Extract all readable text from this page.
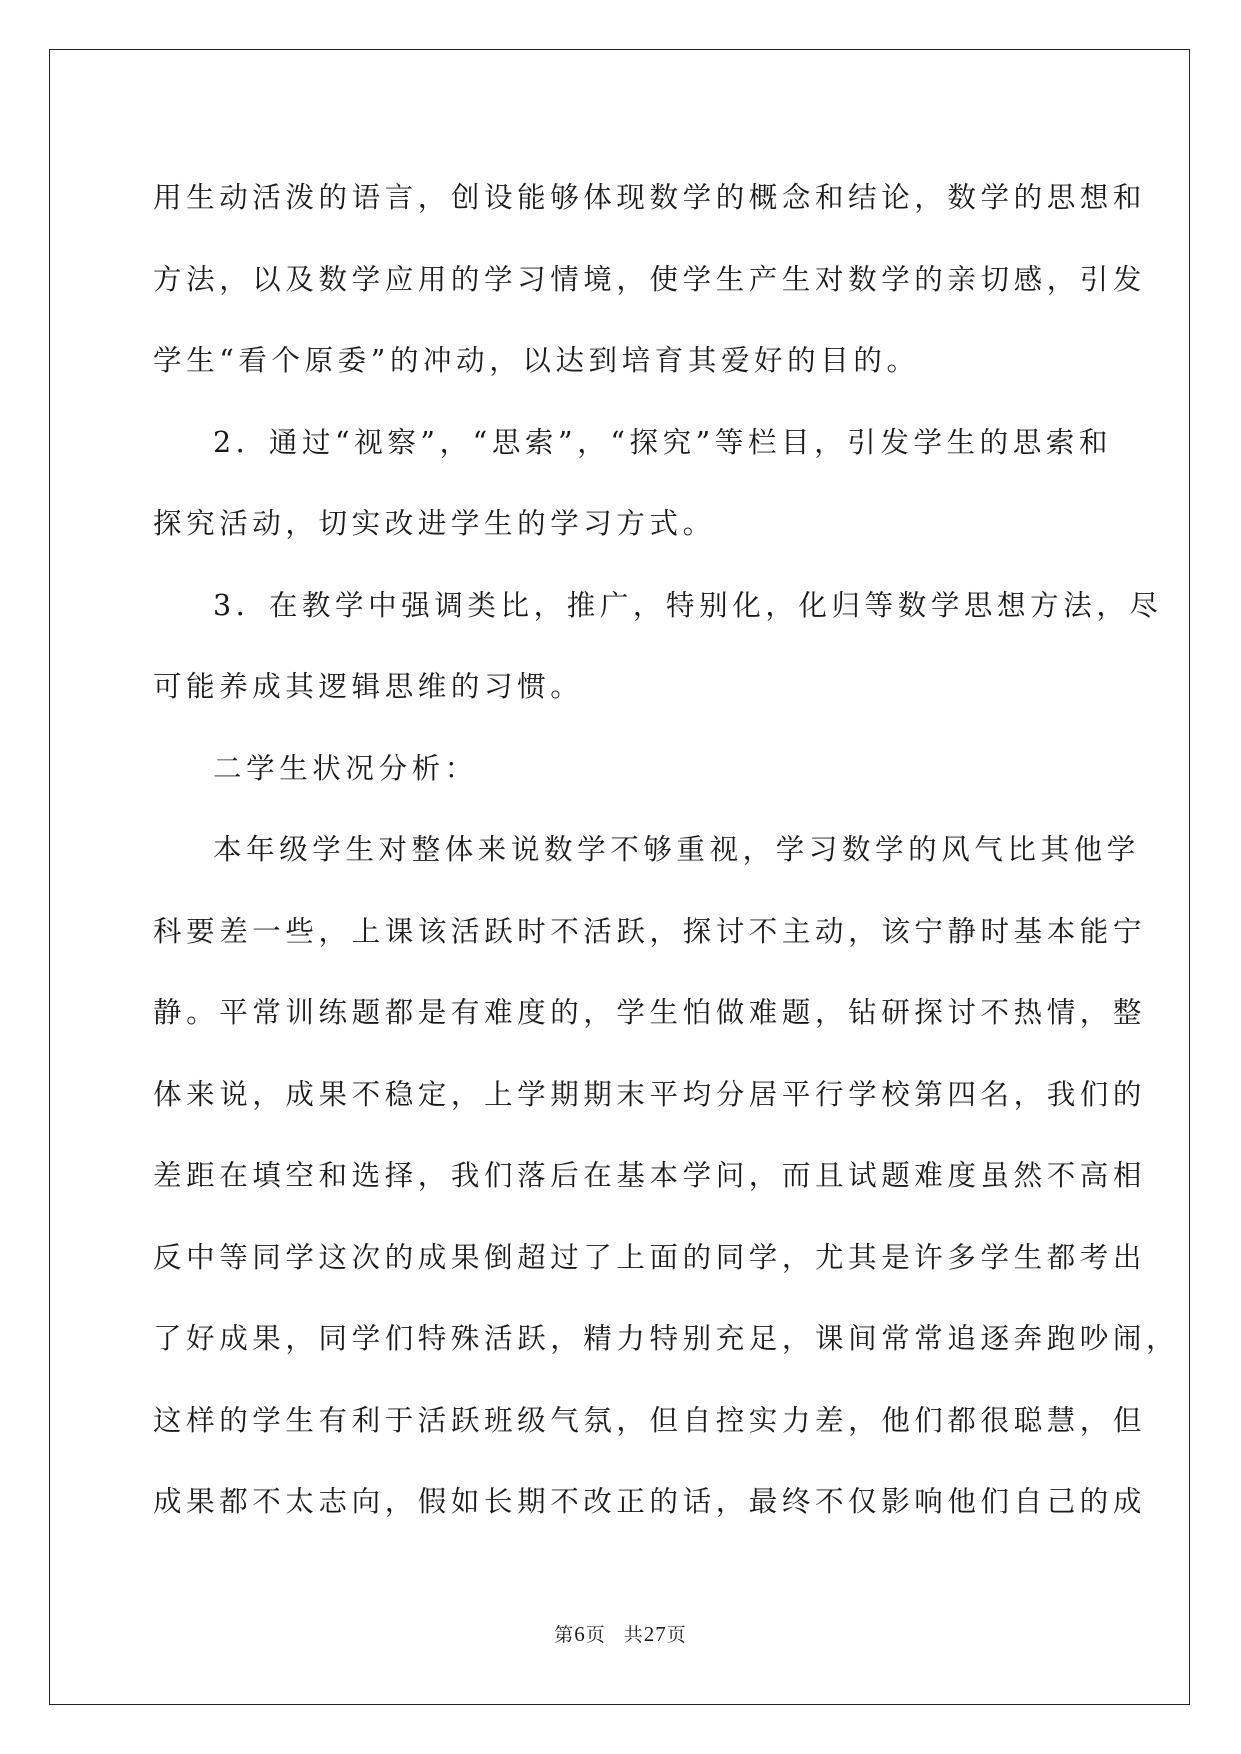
用生动活泼的语言，创设能够体现数学的概念和结论，数学的思想和
方法，以及数学应用的学习情境，使学生产生对数学的亲切感，引发
学生“看个原委”的冲动，以达到培育其爱好的目的。

2．通过“视察”，“思索”，“探究”等栏目，引发学生的思索和
探究活动，切实改进学生的学习方式。

3．在教学中强调类比，推广，特别化，化归等数学思想方法，尽
可能养成其逻辑思维的习惯。

二学生状况分析：

本年级学生对整体来说数学不够重视，学习数学的风气比其他学
科要差一些，上课该活跃时不活跃，探讨不主动，该宁静时基本能宁
静。平常训练题都是有难度的，学生怕做难题，钻研探讨不热情，整
体来说，成果不稳定，上学期期末平均分居平行学校第四名，我们的
差距在填空和选择，我们落后在基本学问，而且试题难度虽然不高相
反中等同学这次的成果倒超过了上面的同学，尤其是许多学生都考出
了好成果，同学们特殊活跃，精力特别充足，课间常常追逐奔跑吵闹，
这样的学生有利于活跃班级气氛，但自控实力差，他们都很聪慧，但
成果都不太志向，假如长期不改正的话，最终不仅影响他们自己的成

第6页 共27页
